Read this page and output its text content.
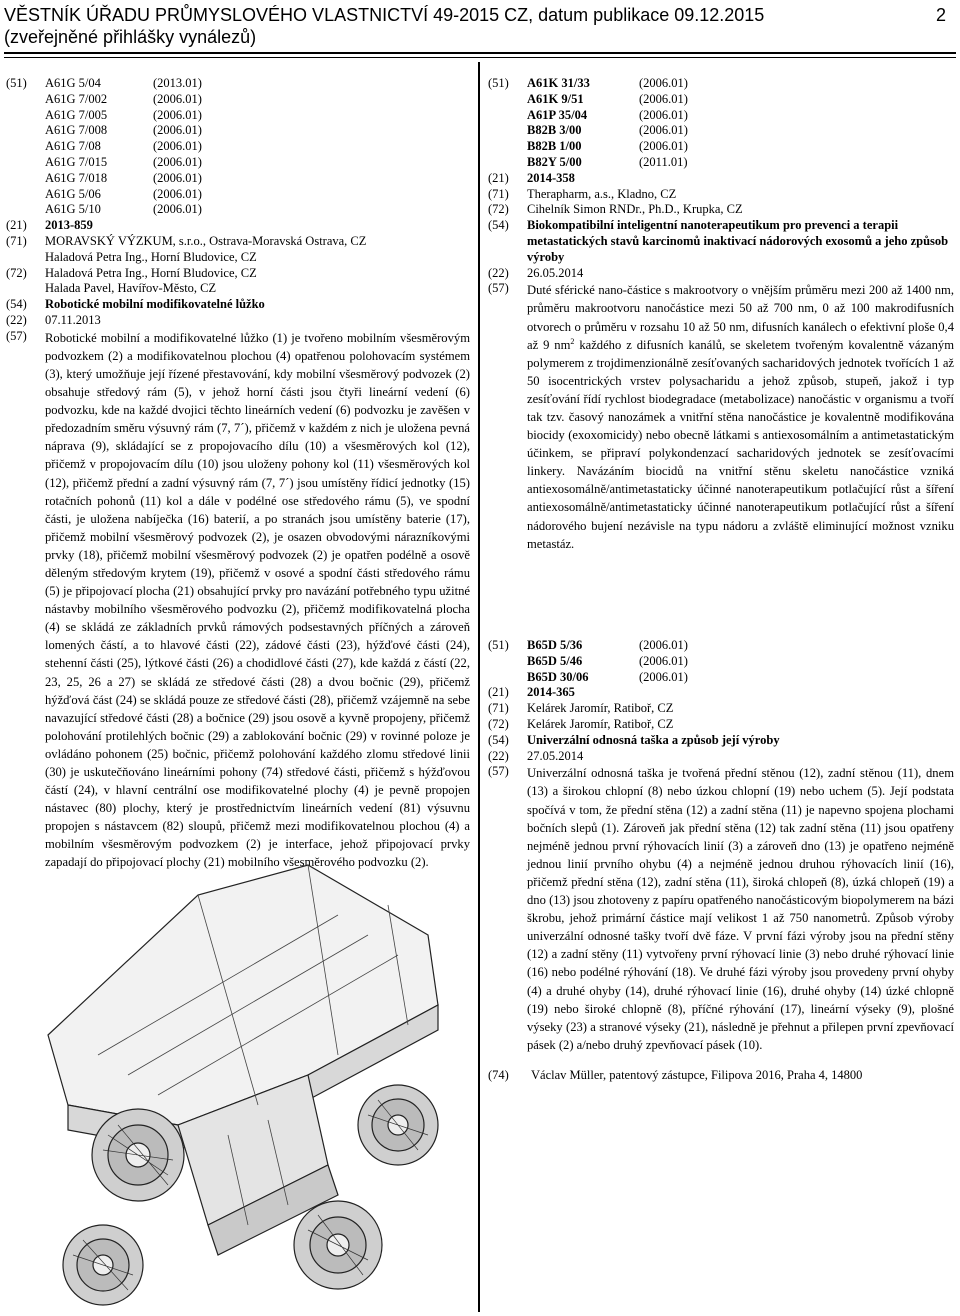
VĚSTNÍK ÚŘADU PRŮMYSLOVÉHO VLASTNICTVÍ 49-2015 CZ, datum publikace 09.12.2015
(zveřejněné přihlášky vynálezů)
2
(51) A61G 5/04	(2013.01)
A61G 7/002	(2006.01)
A61G 7/005	(2006.01)
A61G 7/008	(2006.01)
A61G 7/08	(2006.01)
A61G 7/015	(2006.01)
A61G 7/018	(2006.01)
A61G 5/06	(2006.01)
A61G 5/10	(2006.01)
(21) 2013-859
(71) MORAVSKÝ VÝZKUM, s.r.o., Ostrava-Moravská Ostrava, CZ
Haladová Petra Ing., Horní Bludovice, CZ
(72) Haladová Petra Ing., Horní Bludovice, CZ
Halada Pavel, Havířov-Město, CZ
(54) Robotické mobilní modifikovatelné lůžko
(22) 07.11.2013
(57) Robotické mobilní a modifikovatelné lůžko (1) je tvořeno mobilním všesměrovým podvozkem (2) a modifikovatelnou plochou (4) opatřenou polohovacím systémem (3), který umožňuje její řízené přestavování, kdy mobilní všesměrový podvozek (2) obsahuje středový rám (5), v jehož horní části jsou čtyři lineární vedení (6) podvozku, kde na každé dvojici těchto lineárních vedení (6) podvozku je zavěšen v předozadním směru výsuvný rám (7, 7´), přičemž v každém z nich je uložena pevná náprava (9), skládající se z propojovacího dílu (10) a všesměrových kol (12), přičemž v propojovacím dílu (10) jsou uloženy pohony kol (11) všesměrových kol (12), přičemž přední a zadní výsuvný rám (7, 7´) jsou umístěny řídicí jednotky (15) rotačních pohonů (11) kol a dále v podélné ose středového rámu (5), ve spodní části, je uložena nabíječka (16) baterií, a po stranách jsou umístěny baterie (17), přičemž mobilní všesměrový podvozek (2), je osazen obvodovými nárazníkovými prvky (18), přičemž mobilní všesměrový podvozek (2) je opatřen podélně a osově děleným středovým krytem (19), přičemž v osové a spodní části středového rámu (5) je připojovací plocha (21) obsahující prvky pro navázání potřebného typu užitné nástavby mobilního všesměrového podvozku (2), přičemž modifikovatelná plocha (4) se skládá ze základních prvků rámových podsestavných příčných a zároveň lomených částí, a to hlavové části (22), zádové části (23), hýžďové části (24), stehenní části (25), lýtkové části (26) a chodidlové části (27), kde každá z částí (22, 23, 25, 26 a 27) se skládá ze středové části (28) a dvou bočnic (29), přičemž hýžďová část (24) se skládá pouze ze středové části (28), přičemž vzájemně na sebe navazující středové části (28) a bočnice (29) jsou osově a kyvně propojeny, přičemž polohování protilehlých bočnic (29) a zablokování bočnic (29) v rovinné poloze je ovládáno pohonem (25) bočnic, přičemž polohování každého zlomu středové linii (30) je uskutečňováno lineárními pohony (74) středové části, přičemž s hýžďovou částí (24), v hlavní centrální ose modifikovatelné plochy (4) je pevně propojen nástavec (80) plochy, který je prostřednictvím lineárních vedení (81) výsuvnu propojen s nástavcem (82) sloupů, přičemž mezi modifikovatelnou plochou (4) a mobilním všesměrovým podvozkem (2) je interface, jehož připojovací prvky zapadají do připojovací plochy (21) mobilního všesměrového podvozku (2).
(51) A61K 31/33	(2006.01)
A61K 9/51	(2006.01)
A61P 35/04	(2006.01)
B82B 3/00	(2006.01)
B82B 1/00	(2006.01)
B82Y 5/00	(2011.01)
(21) 2014-358
(71) Therapharm, a.s., Kladno, CZ
(72) Cihelník Simon RNDr., Ph.D., Krupka, CZ
(54) Biokompatibilní inteligentní nanoterapeutikum pro prevenci a terapii metastatických stavů karcinomů inaktivací nádorových exosomů a jeho způsob výroby
(22) 26.05.2014
(57) Duté sférické nano-částice s makrootvory o vnějším průměru mezi 200 až 1400 nm, průměru makrootvoru nanočástice mezi 50 až 700 nm, 0 až 100 makrodifusních otvorech o průměru v rozsahu 10 až 50 nm, difusních kanálech o efektivní ploše 0,4 až 9 $nm^2$ každého z difusních kanálů, se skeletem tvořeným kovalentně vázaným polymerem z trojdimenzionálně zesíťovaných sacharidových jednotek tvořících 1 až 50 isocentrických vrstev polysacharidu a jehož způsob, stupeň, jakož i typ zesíťování řídí rychlost biodegradace (metabolizace) nanočástic v organismu a tvoří tak tzv. časový nanozámek a vnitřní stěna nanočástice je kovalentně modifikována biocidy (exoxomicidy) nebo obecně látkami s antiexosomálním a antimetastatickým účinkem, se připraví polykondenzací sacharidových jednotek se zesíťovacími linkery. Navázáním biocidů na vnitřní stěnu skeletu nanočástice vzniká antiexosomálně/antimetastaticky účinné nanoterapeutikum potlačující růst a šíření antiexosomálně/antimetastaticky účinné nanoterapeutikum potlačující růst a šíření nádorového bujení nezávisle na typu nádoru a zvláště eliminující možnost vzniku metastáz.
(51) B65D 5/36	(2006.01)
B65D 5/46	(2006.01)
B65D 30/06	(2006.01)
(21) 2014-365
(71) Kelárek Jaromír, Ratiboř, CZ
(72) Kelárek Jaromír, Ratiboř, CZ
(54) Univerzální odnosná taška a způsob její výroby
(22) 27.05.2014
(57) Univerzální odnosná taška je tvořená přední stěnou (12), zadní stěnou (11), dnem (13) a širokou chlopní (8) nebo úzkou chlopní (19) nebo uchem (5). Její podstata spočívá v tom, že přední stěna (12) a zadní stěna (11) je napevno spojena plochami bočních slepů (1). Zároveň jak přední stěna (12) tak zadní stěna (11) jsou opatřeny nejméně jednou první rýhovacích linií (3) a zároveň dno (13) je opatřeno nejméně jednou linií prvního ohybu (4) a nejméně jednou druhou rýhovacích linií (16), přičemž přední stěna (12), zadní stěna (11), široká chlopeň (8), úzká chlopeň (19) a dno (13) jsou zhotoveny z papíru opatřeného nanočásticovým biopolymerem na bázi škrobu, jehož primární částice mají velikost 1 až 750 nanometrů. Způsob výroby univerzální odnosné tašky tvoří dvě fáze. V první fázi výroby jsou na přední stěny (12) a zadní stěny (11) vytvořeny první rýhovací linie (3) nebo druhé rýhovací linie (16) nebo podélné rýhování (18). Ve druhé fázi výroby jsou provedeny první ohyby (4) a druhé ohyby (14), druhé rýhovací linie (16), druhé ohyby (14) úzké chlopně (19) nebo široké chlopně (8), příčné rýhování (17), lineární výseky (9), plošné výseky (23) a stranové výseky (21), následně je přehnut a přilepen první zpevňovací pásek (2) a/nebo druhý zpevňovací pásek (10).
(74) Václav Müller, patentový zástupce, Filipova 2016, Praha 4, 14800
